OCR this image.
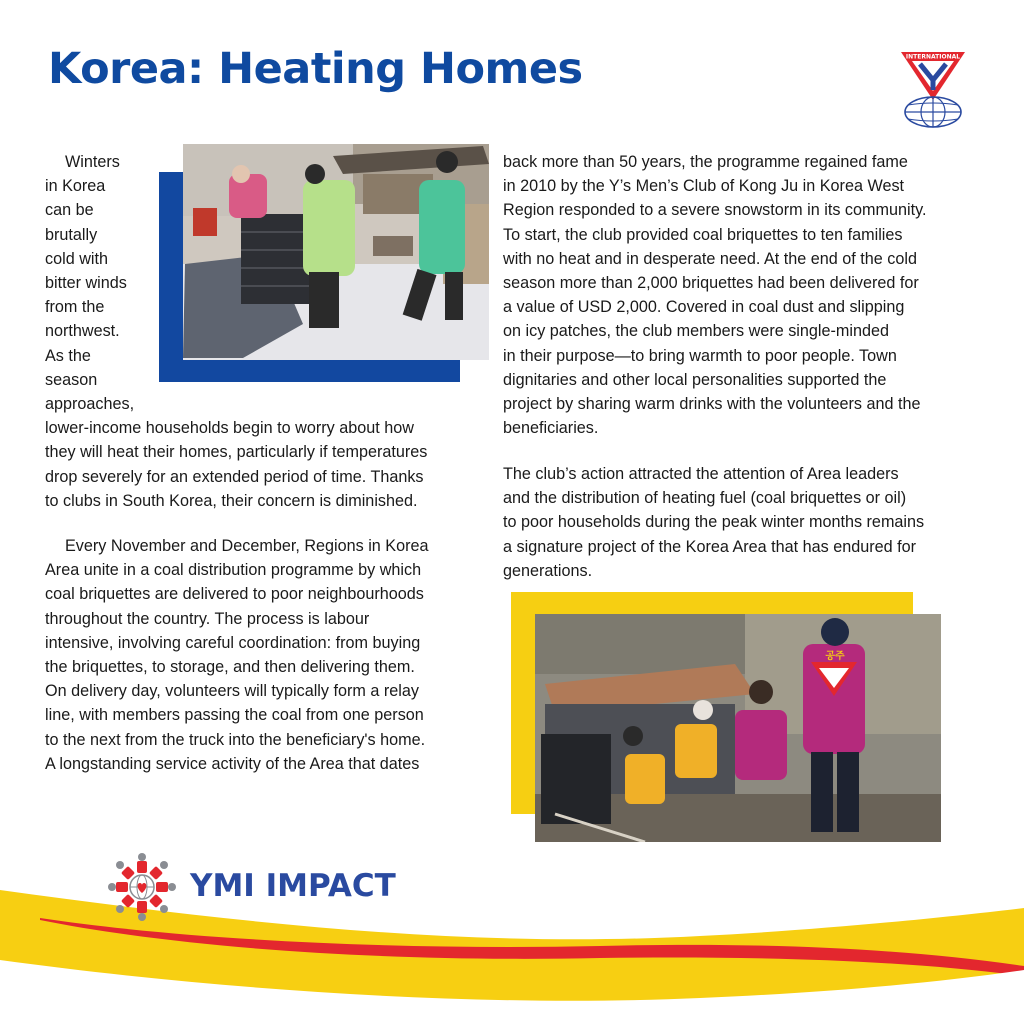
Korea: Heating Homes	INTERNATIONAL
Winters
in Korea
can be
brutally
cold with
bitter winds
from the
northwest.
As the
season
approaches,
lower-income households begin to worry about how
they will heat their homes, particularly if temperatures
drop severely for an extended period of time. Thanks
to clubs in South Korea, their concern is diminished.
Every November and December, Regions in Korea
Area unite in a coal distribution programme by which
coal briquettes are delivered to poor neighbourhoods
throughout the country. The process is labour
intensive, involving careful coordination: from buying
the briquettes, to storage, and then delivering them.
On delivery day, volunteers will typically form a relay
line, with members passing the coal from one person
to the next from the truck into the beneficiary's home.
A longstanding service activity of the Area that dates
back more than 50 years, the programme regained fame
in 2010 by the Y’s Men’s Club of Kong Ju in Korea West
Region responded to a severe snowstorm in its community.
To start, the club provided coal briquettes to ten families
with no heat and in desperate need. At the end of the cold
season more than 2,000 briquettes had been delivered for
a value of USD 2,000. Covered in coal dust and slipping
on icy patches, the club members were single-minded
in their purpose—to bring warmth to poor people. Town
dignitaries and other local personalities supported the
project by sharing warm drinks with the volunteers and the
beneficiaries.
The club’s action attracted the attention of Area leaders
and the distribution of heating fuel (coal briquettes or oil)
to poor households during the peak winter months remains
a signature project of the Korea Area that has endured for
generations.
공주
YMI IMPACT
